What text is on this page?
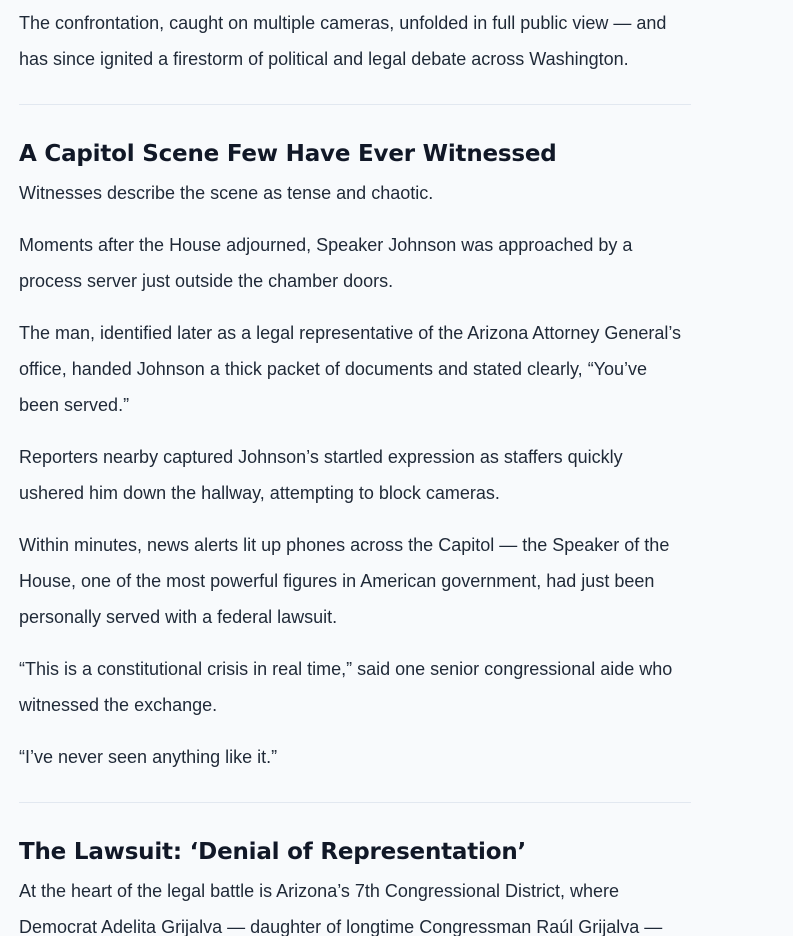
The confrontation, caught on multiple cameras, unfolded in full public view — and has since ignited a firestorm of political and legal debate across Washington.

A Capitol Scene Few Have Ever Witnessed

Witnesses describe the scene as tense and chaotic.

Moments after the House adjourned, Speaker Johnson was approached by a process server just outside the chamber doors.

The man, identified later as a legal representative of the Arizona Attorney General’s office, handed Johnson a thick packet of documents and stated clearly, “You’ve been served.”

Reporters nearby captured Johnson’s startled expression as staffers quickly ushered him down the hallway, attempting to block cameras.

Within minutes, news alerts lit up phones across the Capitol — the Speaker of the House, one of the most powerful figures in American government, had just been personally served with a federal lawsuit.

“This is a constitutional crisis in real time,” said one senior congressional aide who witnessed the exchange.

“I’ve never seen anything like it.”

The Lawsuit: ‘Denial of Representation’

At the heart of the legal battle is Arizona’s 7th Congressional District, where Democrat Adelita Grijalva — daughter of longtime Congressman Raúl Grijalva —
